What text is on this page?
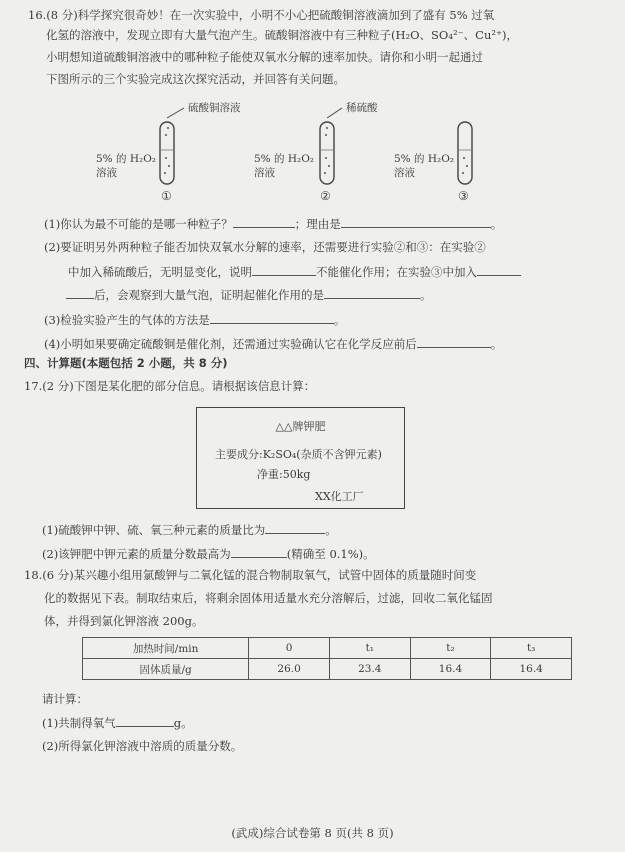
16.(8 分)科学探究很奇妙！在一次实验中，小明不小心把硫酸铜溶液滴加到了盛有 5% 过氧
化氢的溶液中，发现立即有大量气泡产生。硫酸铜溶液中有三种粒子(H₂O、SO₄²⁻、Cu²⁺)，
小明想知道硫酸铜溶液中的哪种粒子能使双氧水分解的速率加快。请你和小明一起通过
下图所示的三个实验完成这次探究活动，并回答有关问题。
硫酸铜溶液	稀硫酸
5% 的 H₂O₂
溶液
5% 的 H₂O₂
溶液
5% 的 H₂O₂
溶液
①	②	③
(1)你认为最不可能的是哪一种粒子？	；理由是	。
(2)要证明另外两种粒子能否加快双氧水分解的速率，还需要进行实验②和③：在实验②
中加入稀硫酸后，无明显变化，说明	不能催化作用；在实验③中加入
后，会观察到大量气泡，证明起催化作用的是	。
(3)检验实验产生的气体的方法是	。
(4)小明如果要确定硫酸铜是催化剂，还需通过实验确认它在化学反应前后	。
四、计算题(本题包括 2 小题，共 8 分)
17.(2 分)下图是某化肥的部分信息。请根据该信息计算：
△△牌钾肥
主要成分:K₂SO₄(杂质不含钾元素)
净重:50kg
XX化工厂
(1)硫酸钾中钾、硫、氧三种元素的质量比为	。
(2)该钾肥中钾元素的质量分数最高为	(精确至 0.1%)。
18.(6 分)某兴趣小组用氯酸钾与二氧化锰的混合物制取氧气，试管中固体的质量随时间变
化的数据见下表。制取结束后，将剩余固体用适量水充分溶解后，过滤，回收二氧化锰固
体，并得到氯化钾溶液 200g。
加热时间/min	0	t₁	t₂	t₃
固体质量/g	26.0	23.4	16.4	16.4
请计算：
(1)共制得氧气	g。
(2)所得氯化钾溶液中溶质的质量分数。
(武成)综合试卷第 8 页(共 8 页)
